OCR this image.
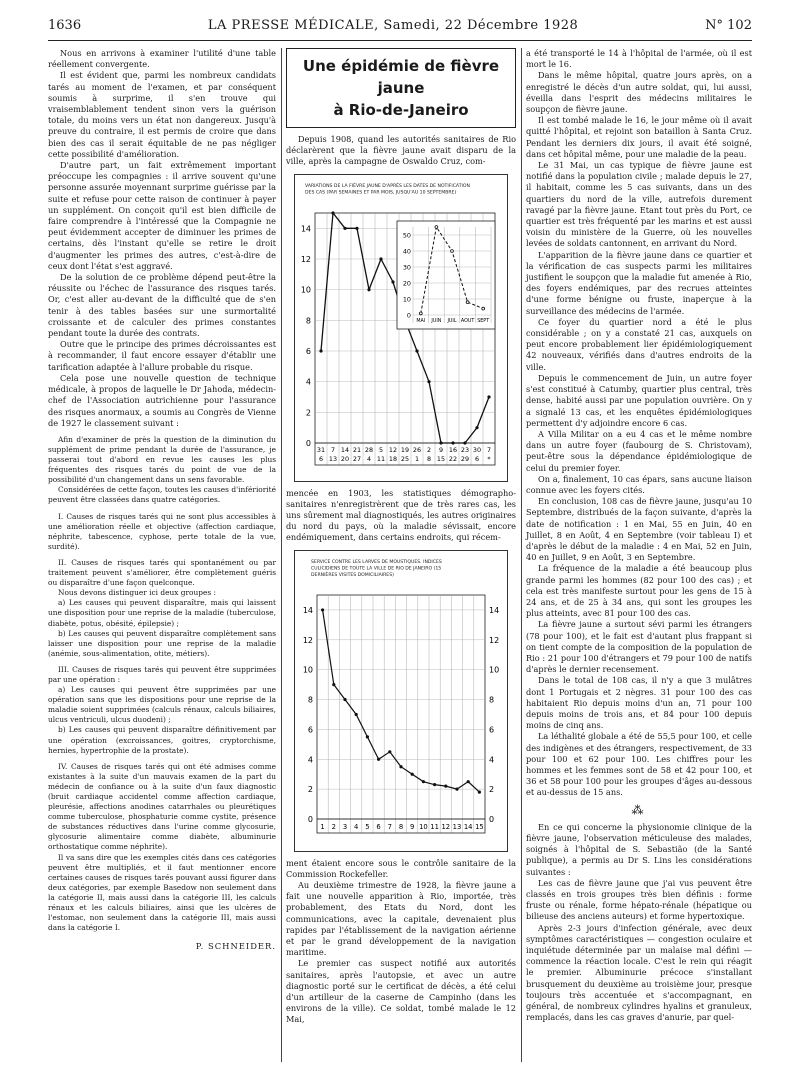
1636	LA PRESSE MÉDICALE, Samedi, 22 Décembre 1928	N° 102

Nous en arrivons à examiner l'utilité d'une table réellement convergente.

Il est évident que, parmi les nombreux candidats tarés au moment de l'examen, et par conséquent soumis à surprime, il s'en trouve qui vraisemblablement tendent sinon vers la guérison totale, du moins vers un état non dangereux. Jusqu'à preuve du contraire, il est permis de croire que dans bien des cas il serait équitable de ne pas négliger cette possibilité d'amélioration.

D'autre part, un fait extrêmement important préoccupe les compagnies : il arrive souvent qu'une personne assurée moyennant surprime guérisse par la suite et refuse pour cette raison de continuer à payer un supplément. On conçoit qu'il est bien difficile de faire comprendre à l'intéressé que la Compagnie ne peut évidemment accepter de diminuer les primes de certains, dès l'instant qu'elle se retire le droit d'augmenter les primes des autres, c'est-à-dire de ceux dont l'état s'est aggravé.

De la solution de ce problème dépend peut-être la réussite ou l'échec de l'assurance des risques tarés. Or, c'est aller au-devant de la difficulté que de s'en tenir à des tables basées sur une surmortalité croissante et de calculer des primes constantes pendant toute la durée des contrats.

Outre que le principe des primes décroissantes est à recommander, il faut encore essayer d'établir une tarification adaptée à l'allure probable du risque.

Cela pose une nouvelle question de technique médicale, à propos de laquelle le Dr Jahoda, médecin-chef de l'Association autrichienne pour l'assurance des risques anormaux, a soumis au Congrès de Vienne de 1927 le classement suivant :

Afin d'examiner de près la question de la diminution du supplément de prime pendant la durée de l'assurance, je passerai tout d'abord en revue les causes les plus fréquentes des risques tarés du point de vue de la possibilité d'un changement dans un sens favorable.

Considérées de cette façon, toutes les causes d'infériorité peuvent être classées dans quatre catégories.

I. Causes de risques tarés qui ne sont plus accessibles à une amélioration réelle et objective (affection cardiaque, néphrite, tabescence, cyphose, perte totale de la vue, surdité).

II. Causes de risques tarés qui spontanément ou par traitement peuvent s'améliorer, être complètement guéris ou disparaître d'une façon quelconque.

Nous devons distinguer ici deux groupes :

a) Les causes qui peuvent disparaître, mais qui laissent une disposition pour une reprise de la maladie (tuberculose, diabète, potus, obésité, épilepsie) ;

b) Les causes qui peuvent disparaître complètement sans laisser une disposition pour une reprise de la maladie (anémie, sous-alimentation, otite, métiers).

III. Causes de risques tarés qui peuvent être supprimées par une opération :

a) Les causes qui peuvent être supprimées par une opération sans que les dispositions pour une reprise de la maladie soient supprimées (calculs rénaux, calculs biliaires, ulcus ventriculi, ulcus duodeni) ;

b) Les causes qui peuvent disparaître définitivement par une opération (excroissances, goitres, cryptorchisme, hernies, hypertrophie de la prostate).

IV. Causes de risques tarés qui ont été admises comme existantes à la suite d'un mauvais examen de la part du médecin de confiance ou à la suite d'un faux diagnostic (bruit cardiaque accidentel comme affection cardiaque, pleurésie, affections anodines catarrhales ou pleurétiques comme tuberculose, phosphaturie comme cystite, présence de substances réductives dans l'urine comme glycosurie, glycosurie alimentaire comme diabète, albuminurie orthostatique comme néphrite).

Il va sans dire que les exemples cités dans ces catégories peuvent être multipliés, et il faut mentionner encore certaines causes de risques tarés pouvant aussi figurer dans deux catégories, par exemple Basedow non seulement dans la catégorie II, mais aussi dans la catégorie III, les calculs rénaux et les calculs biliaires, ainsi que les ulcères de l'estomac, non seulement dans la catégorie III, mais aussi dans la catégorie I.

P. SCHNEIDER.
Une épidémie de fièvre jaune
à Rio-de-Janeiro

Depuis 1908, quand les autorités sanitaires de Rio déclarèrent que la fièvre jaune avait disparu de la ville, après la campagne de Oswaldo Cruz, com-

VARIATIONS DE LA FIÈVRE JAUNE D'APRÈS LES DATES DE NOTIFICATION
DES CAS (PAR SEMAINES ET PAR MOIS, JUSQU'AU 10 SEPTEMBRE)
0
2
4
6
8
10
12
14
31 7 14 21 28 5 12 19 26 2 9 16 23 30 7
6 13 20 27 4 11 18 25 1 8 15 22 29 6 *
0
10
20
30
40
50
MAI JUIN JUIL AOUT SEPT

mencée en 1903, les statistiques démographo-sanitaires n'enregistrèrent que de très rares cas, les uns sûrement mal diagnostiqués, les autres originaires du nord du pays, où la maladie sévissait, encore endémiquement, dans certains endroits, qui récem-

SERVICE CONTRE LES LARVES DE MOUSTIQUES. INDICES
CULICIDIENS DE TOUTE LA VILLE DE RIO DE JANEIRO (15
DERNIÈRES VISITES DOMICILIAIRES)
0	0
2	2
4	4
6	6
8	8
10	10
12	12
14	14
1 2 3 4 5 6 7 8 9 10 11 12 13 14 15

ment étaient encore sous le contrôle sanitaire de la Commission Rockefeller.

Au deuxième trimestre de 1928, la fièvre jaune a fait une nouvelle apparition à Rio, importée, très probablement, des Etats du Nord, dont les communications, avec la capitale, devenaient plus rapides par l'établissement de la navigation aérienne et par le grand développement de la navigation maritime.

Le premier cas suspect notifié aux autorités sanitaires, après l'autopsie, et avec un autre diagnostic porté sur le certificat de décès, a été celui d'un artilleur de la caserne de Campinho (dans les environs de la ville). Ce soldat, tombé malade le 12 Mai,

a été transporté le 14 à l'hôpital de l'armée, où il est mort le 16.

Dans le même hôpital, quatre jours après, on a enregistré le décès d'un autre soldat, qui, lui aussi, éveilla dans l'esprit des médecins militaires le soupçon de fièvre jaune.

Il est tombé malade le 16, le jour même où il avait quitté l'hôpital, et rejoint son bataillon à Santa Cruz. Pendant les derniers dix jours, il avait été soigné, dans cet hôpital même, pour une maladie de la peau.

Le 31 Mai, un cas typique de fièvre jaune est notifié dans la population civile ; malade depuis le 27, il habitait, comme les 5 cas suivants, dans un des quartiers du nord de la ville, autrefois durement ravagé par la fièvre jaune. Etant tout près du Port, ce quartier est très fréquenté par les marins et est aussi voisin du ministère de la Guerre, où les nouvelles levées de soldats cantonnent, en arrivant du Nord.

L'apparition de la fièvre jaune dans ce quartier et la vérification de cas suspects parmi les militaires justifient le soupçon que la maladie fut amenée à Rio, des foyers endémiques, par des recrues atteintes d'une forme bénigne ou fruste, inaperçue à la surveillance des médecins de l'armée.

Ce foyer du quartier nord a été le plus considérable ; on y a constaté 21 cas, auxquels on peut encore probablement lier épidémiologiquement 42 nouveaux, vérifiés dans d'autres endroits de la ville.

Depuis le commencement de Juin, un autre foyer s'est constitué à Catumby, quartier plus central, très dense, habité aussi par une population ouvrière. On y a signalé 13 cas, et les enquêtes épidémiologiques permettent d'y adjoindre encore 6 cas.

A Villa Militar on a eu 4 cas et le même nombre dans un autre foyer (faubourg de S. Christovam), peut-être sous la dépendance épidémiologique de celui du premier foyer.

On a, finalement, 10 cas épars, sans aucune liaison connue avec les foyers cités.

En conclusion, 108 cas de fièvre jaune, jusqu'au 10 Septembre, distribués de la façon suivante, d'après la date de notification : 1 en Mai, 55 en Juin, 40 en Juillet, 8 en Août, 4 en Septembre (voir tableau I) et d'après le début de la maladie : 4 en Mai, 52 en Juin, 40 en Juillet, 9 en Août, 3 en Septembre.

La fréquence de la maladie a été beaucoup plus grande parmi les hommes (82 pour 100 des cas) ; et cela est très manifeste surtout pour les gens de 15 à 24 ans, et de 25 à 34 ans, qui sont les groupes les plus atteints, avec 81 pour 100 des cas.

La fièvre jaune a surtout sévi parmi les étrangers (78 pour 100), et le fait est d'autant plus frappant si on tient compte de la composition de la population de Rio : 21 pour 100 d'étrangers et 79 pour 100 de natifs d'après le dernier recensement.

Dans le total de 108 cas, il n'y a que 3 mulâtres dont 1 Portugais et 2 nègres. 31 pour 100 des cas habitaient Rio depuis moins d'un an, 71 pour 100 depuis moins de trois ans, et 84 pour 100 depuis moins de cinq ans.

La léthalité globale a été de 55,5 pour 100, et celle des indigènes et des étrangers, respectivement, de 33 pour 100 et 62 pour 100. Les chiffres pour les hommes et les femmes sont de 58 et 42 pour 100, et 36 et 58 pour 100 pour les groupes d'âges au-dessous et au-dessus de 15 ans.

⁂

En ce qui concerne la physionomie clinique de la fièvre jaune, l'observation méticuleuse des malades, soignés à l'hôpital de S. Sebastião (de la Santé publique), a permis au Dr S. Lins les considérations suivantes :

Les cas de fièvre jaune que j'ai vus peuvent être classés en trois groupes très bien définis : forme fruste ou rénale, forme hépato-rénale (hépatique ou bilieuse des anciens auteurs) et forme hypertoxique.

Après 2-3 jours d'infection générale, avec deux symptômes caractéristiques — congestion oculaire et inquiétude déterminée par un malaise mal défini — commence la réaction locale. C'est le rein qui réagit le premier. Albuminurie précoce s'installant brusquement du deuxième au troisième jour, presque toujours très accentuée et s'accompagnant, en général, de nombreux cylindres hyalins et granuleux, remplacés, dans les cas graves d'anurie, par quel-
